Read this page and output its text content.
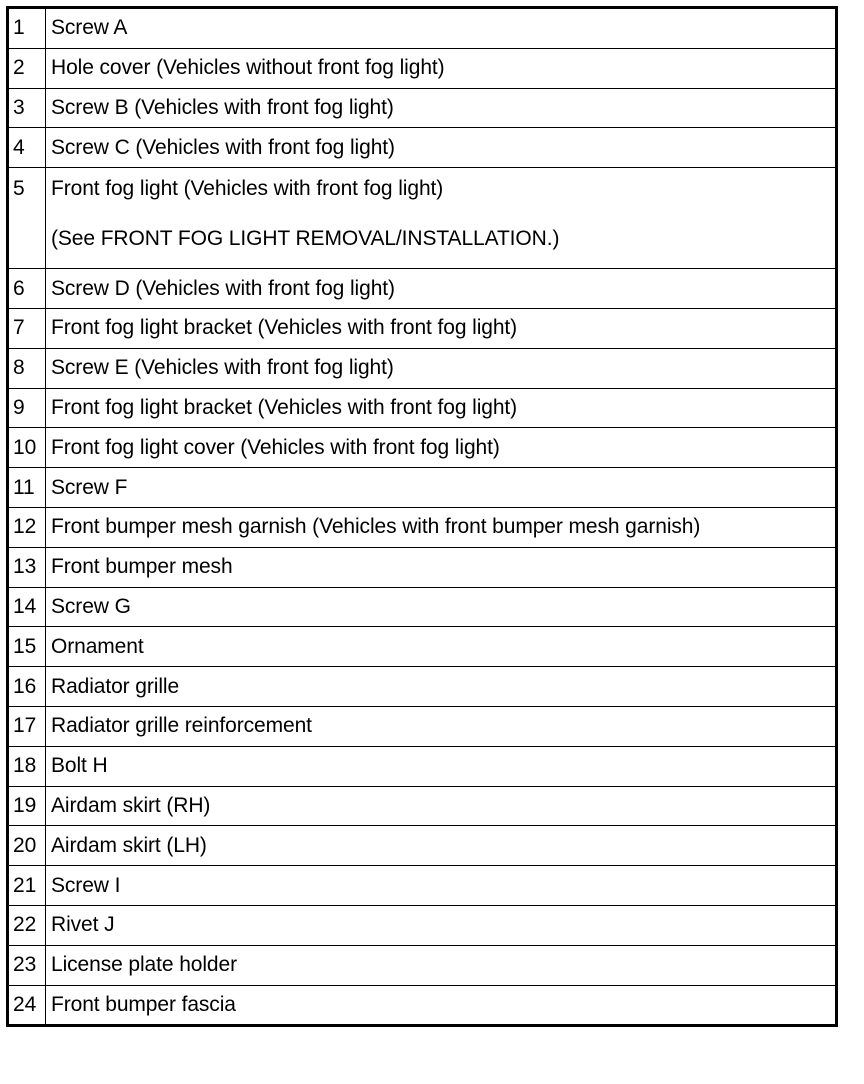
1	Screw A
2	Hole cover (Vehicles without front fog light)
3	Screw B (Vehicles with front fog light)
4	Screw C (Vehicles with front fog light)
5	Front fog light (Vehicles with front fog light)
(See FRONT FOG LIGHT REMOVAL/INSTALLATION.)

6	Screw D (Vehicles with front fog light)
7	Front fog light bracket (Vehicles with front fog light)
8	Screw E (Vehicles with front fog light)
9	Front fog light bracket (Vehicles with front fog light)
10	Front fog light cover (Vehicles with front fog light)
11	Screw F
12	Front bumper mesh garnish (Vehicles with front bumper mesh garnish)
13	Front bumper mesh
14	Screw G
15	Ornament
16	Radiator grille
17	Radiator grille reinforcement
18	Bolt H
19	Airdam skirt (RH)
20	Airdam skirt (LH)
21	Screw I
22	Rivet J
23	License plate holder
24	Front bumper fascia
